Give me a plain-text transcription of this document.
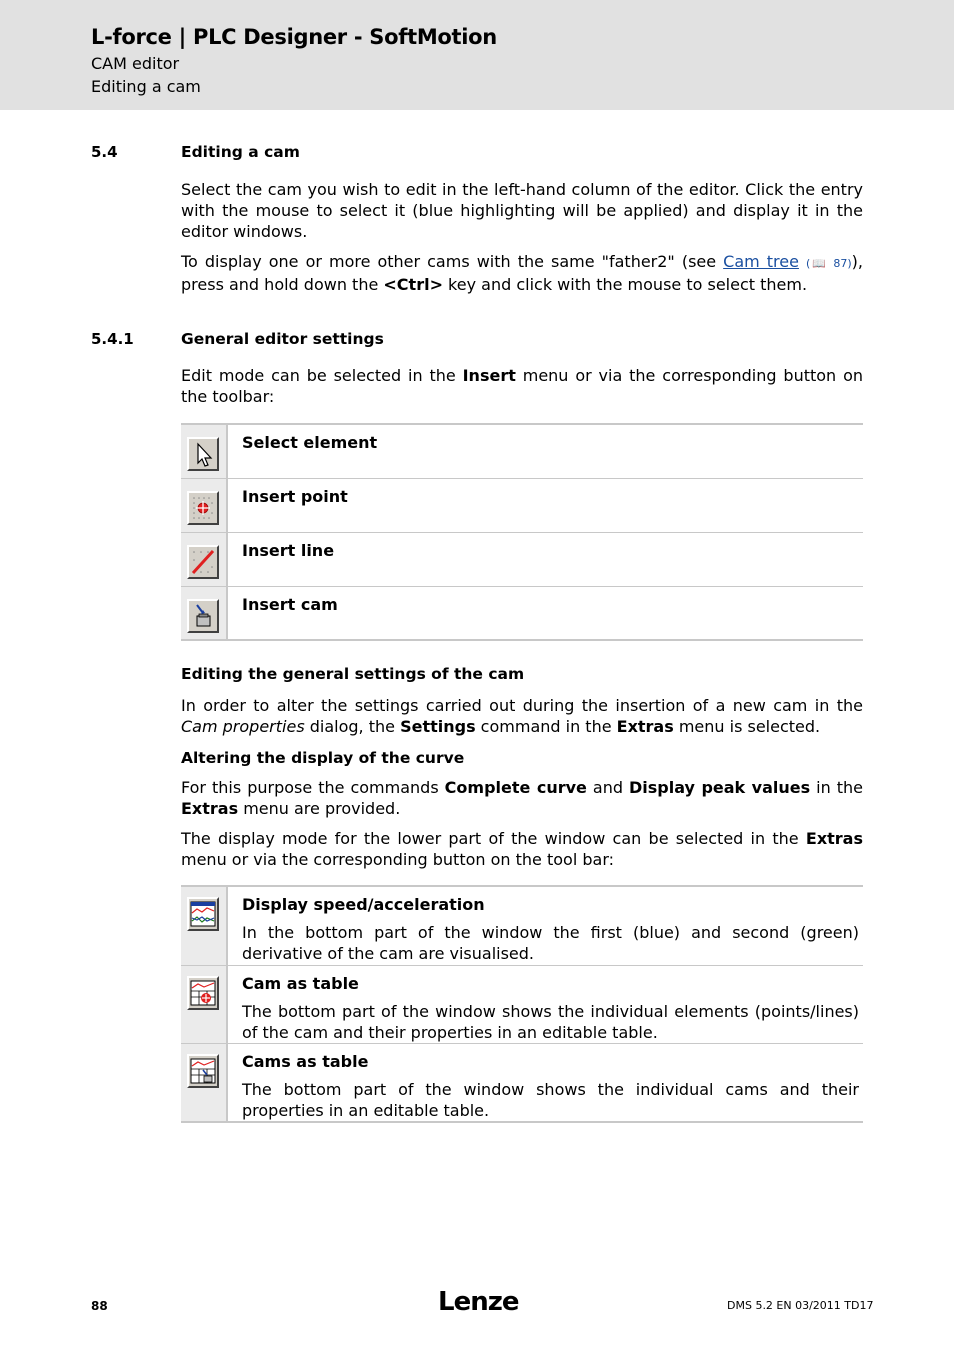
L-force | PLC Designer - SoftMotion
CAM editor
Editing a cam
5.4	Editing a cam
Select the cam you wish to edit in the left-hand column of the editor. Click the entry with the mouse to select it (blue highlighting will be applied) and display it in the editor windows.
To display one or more other cams with the same "father2" (see Cam tree (📖 87)), press and hold down the <Ctrl> key and click with the mouse to select them.
5.4.1	General editor settings
Edit mode can be selected in the Insert menu or via the corresponding button on the toolbar:

Select element

Insert point

Insert line

Insert cam
Editing the general settings of the cam
In order to alter the settings carried out during the insertion of a new cam in the Cam properties dialog, the Settings command in the Extras menu is selected.
Altering the display of the curve
For this purpose the commands Complete curve and Display peak values in the Extras menu are provided.
The display mode for the lower part of the window can be selected in the Extras menu or via the corresponding button on the tool bar:

Display speed/acceleration
In the bottom part of the window the first (blue) and second (green) derivative of the cam are visualised.

Cam as table
The bottom part of the window shows the individual elements (points/lines) of the cam and their properties in an editable table.

Cams as table
The bottom part of the window shows the individual cams and their properties in an editable table.
88	Lenze	DMS 5.2 EN 03/2011 TD17
